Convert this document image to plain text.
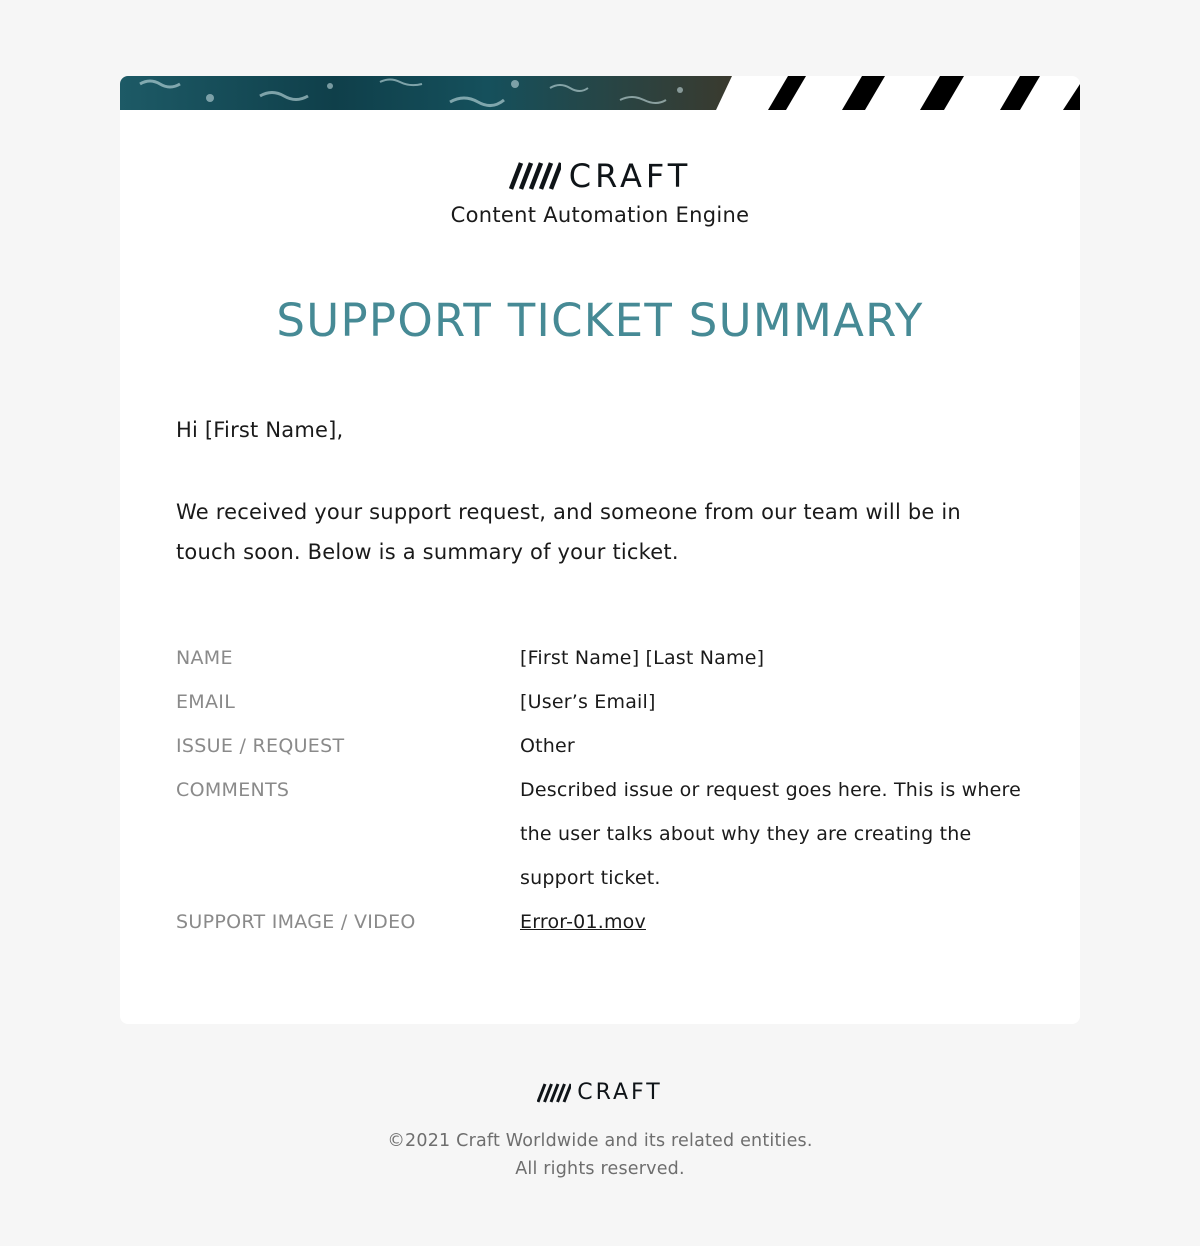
CRAFT
Content Automation Engine
SUPPORT TICKET SUMMARY

Hi [First Name],

We received your support request, and someone from our team will be in touch soon. Below is a summary of your ticket.

NAME	[First Name] [Last Name]
EMAIL	[User’s Email]
ISSUE / REQUEST	Other
COMMENTS	Described issue or request goes here. This is where the user talks about why they are creating the support ticket.
SUPPORT IMAGE / VIDEO	Error-01.mov
CRAFT
©2021 Craft Worldwide and its related entities.
All rights reserved.
